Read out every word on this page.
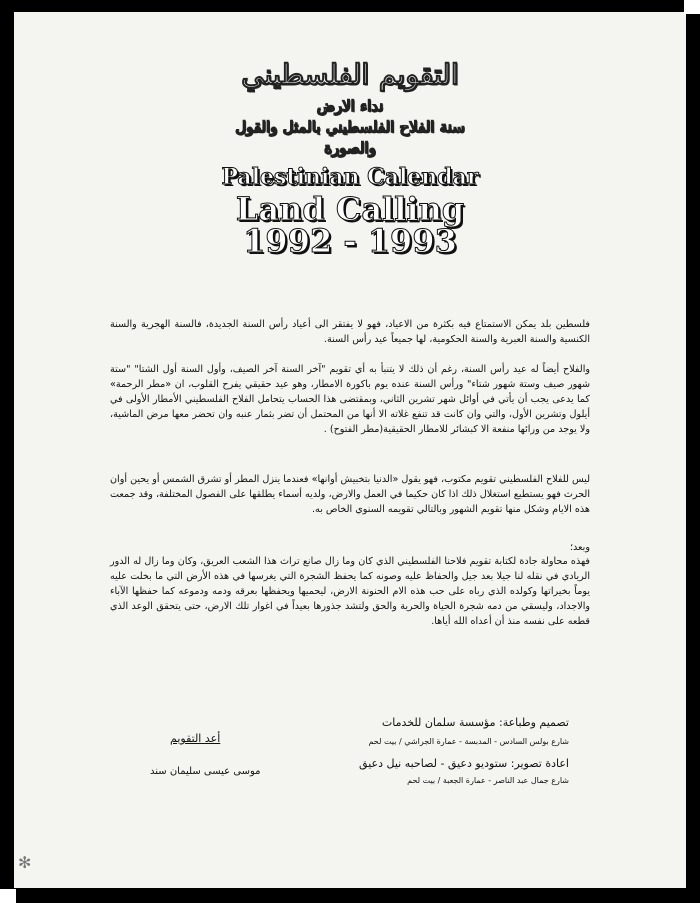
التقويم الفلسطيني
نداء الارض
سنة الفلاح الفلسطيني بالمثل والقول
والصورة
Palestinian Calendar
Land Calling
1992 - 1993
فلسطين بلد يمكن الاستمتاع فيه بكثرة من الاعياد، فهو لا يفتقر الى أعياد رأس السنة الجديدة، فالسنة الهجرية والسنة الكنسية والسنة العبرية والسنة الحكومية، لها جميعاً عيد رأس السنة.
والفلاح أيضاً له عيد رأس السنة، رغم أن ذلك لا يتنبأ به أي تقويم "آخر السنة آخر الصيف، وأول السنة أول الشتا" "ستة شهور صيف وستة شهور شتاء" ورأس السنة عنده يوم باكورة الامطار، وهو عيد حقيقي يفرح القلوب، ان «مطر الرحمة» كما يدعى يجب أن يأتي في أوائل شهر تشرين الثاني، وبمقتضى هذا الحساب يتحامل الفلاح الفلسطيني الأمطار الأولى في أيلول وتشرين الأول، والتي وان كانت قد تنفع غلاته الا أنها من المحتمل أن تضر بثمار عنبه وان تحضر معها مرض الماشية، ولا يوجد من ورائها منفعة الا كبشائر للامطار الحقيقية(مطر الفتوح) .
ليس للفلاح الفلسطيني تقويم مكتوب، فهو يقول «الدنيا بتخبيش أوانها» فعندما ينزل المطر أو تشرق الشمس أو يحين أوان الحرث فهو يستطيع استغلال ذلك اذا كان حكيما في العمل والارض، ولديه أسماء يطلقها على الفصول المختلفة، وقد جمعت هذه الايام وشكل منها تقويم الشهور وبالتالي تقويمه السنوي الخاص به.
وبعد؛
فهذه محاولة جادة لكتابة تقويم فلاحنا الفلسطيني الذي كان وما زال صانع تراث هذا الشعب العريق، وكان وما زال له الدور الريادي في نقله لنا جيلا بعد جيل والحفاظ عليه وصونه كما يحفظ الشجرة التي يغرسها في هذه الأرض التي ما بخلت عليه يوماً بخيراتها وكولده الذي رباه على حب هذه الام الحنونة الارض، ليحميها ويحفظها بعرقه ودمه ودموعه كما حفظها الآباء والاجداد، وليسقي من دمه شجرة الحياة والحرية والحق ولتشد جذورها بعيداً في اغوار تلك الارض، حتى يتحقق الوعد الذي قطعه على نفسه منذ أن أعداه الله أياها.
تصميم وطباعة: مؤسسة سلمان للخدمات
شارع بولس السادس - المدبسة - عمارة الجراشي / بيت لحم
اعادة تصوير: ستوديو دعيق - لصاحبه نيل دعيق
شارع جمال عبد الناصر - عمارة الجعبة / بيت لحم
أعد التقويم
موسى عيسى سليمان سند
✻
